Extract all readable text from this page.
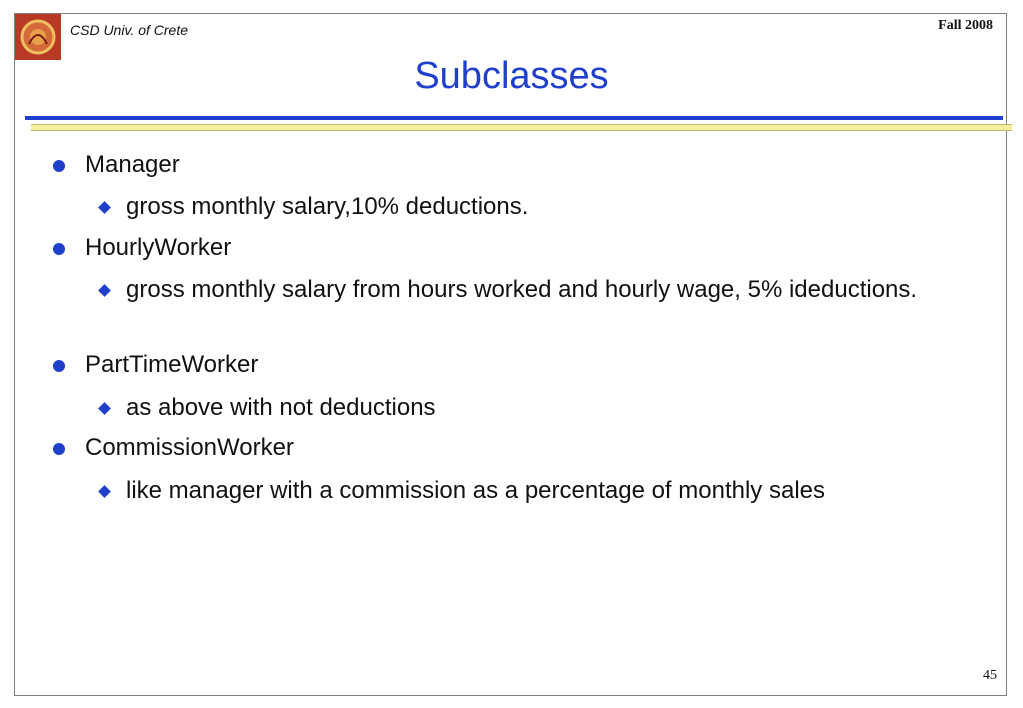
CSD Univ. of Crete	Fall 2008
Subclasses
Manager
gross monthly salary,10% deductions.
HourlyWorker
gross monthly salary from hours worked and hourly wage, 5% ideductions.
PartTimeWorker
as above with not deductions
CommissionWorker
like manager with a commission as a percentage of monthly sales
45
